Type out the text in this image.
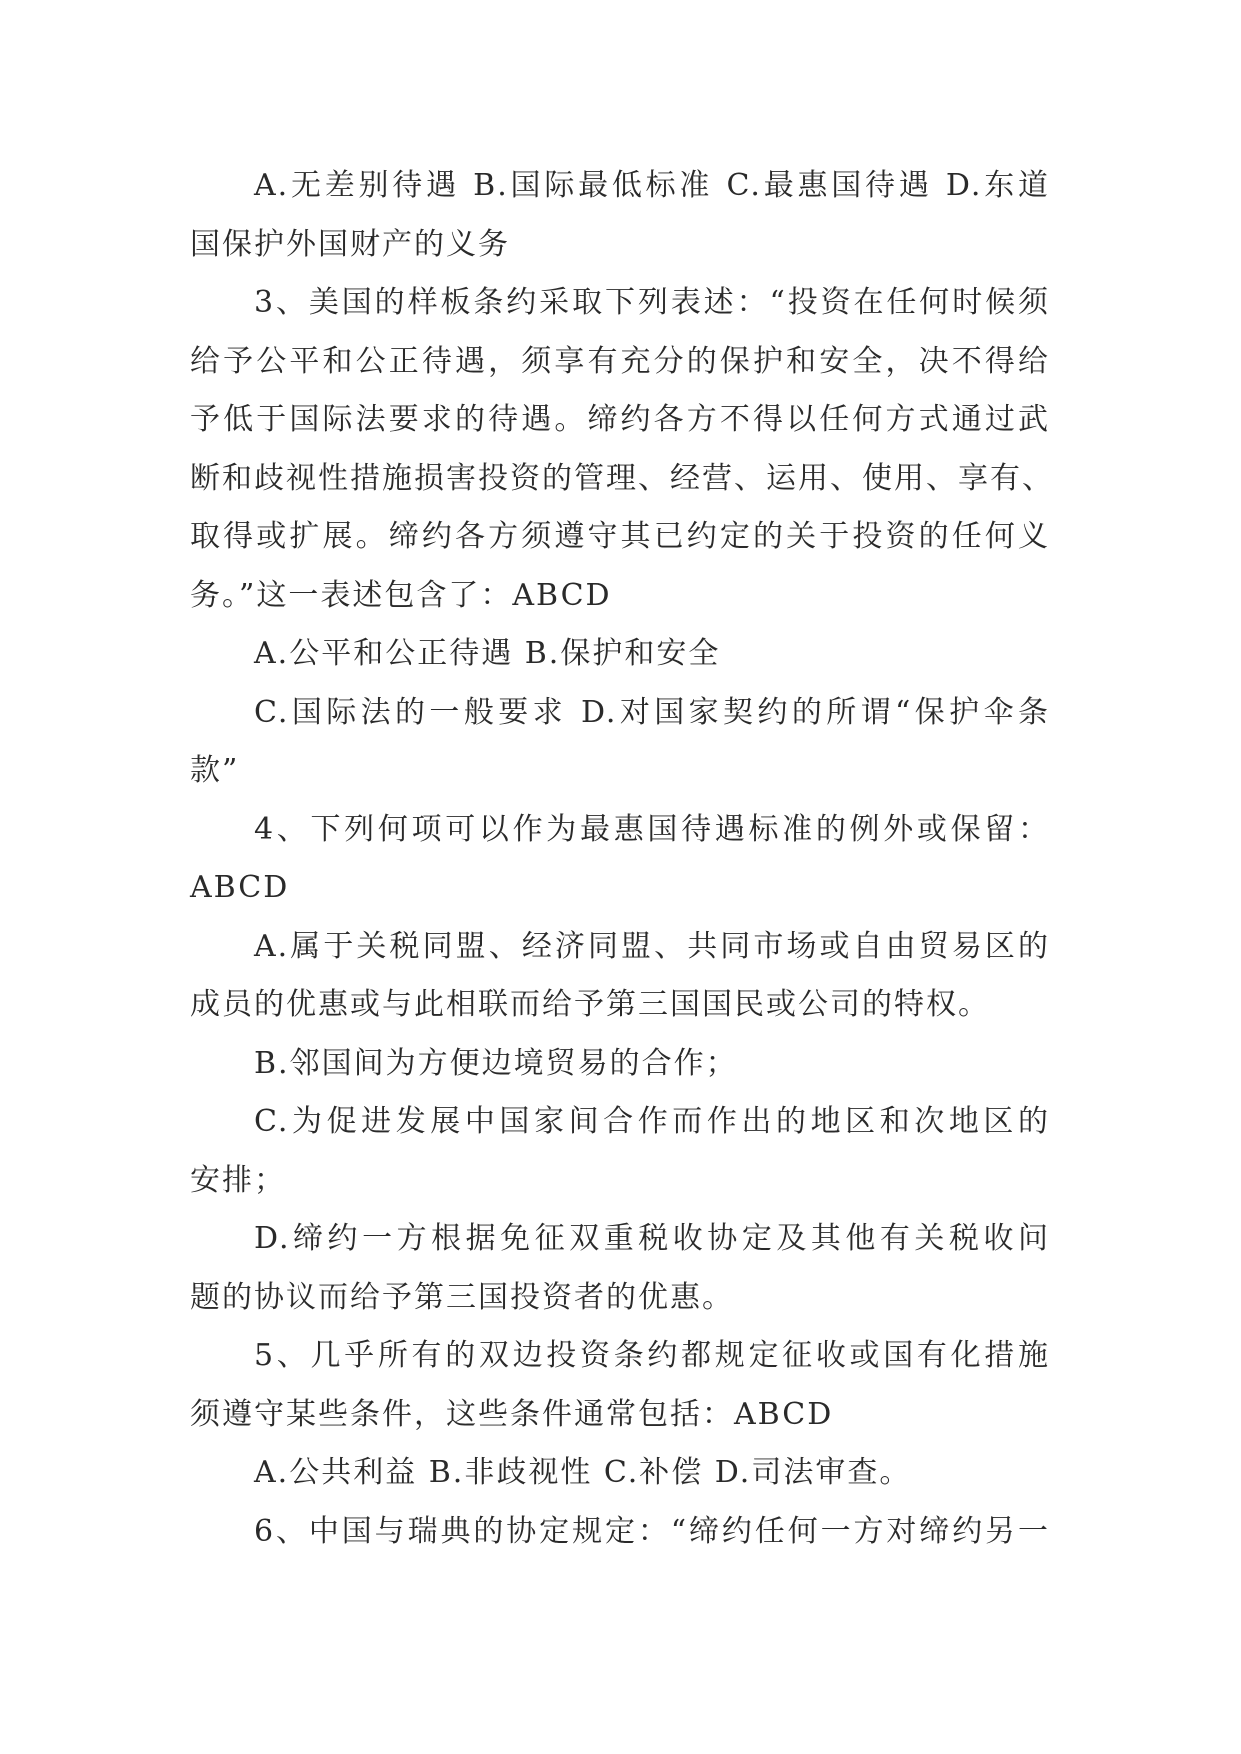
A.无差别待遇 B.国际最低标准 C.最惠国待遇 D.东道
国保护外国财产的义务

3、美国的样板条约采取下列表述：“投资在任何时候须
给予公平和公正待遇，须享有充分的保护和安全，决不得给
予低于国际法要求的待遇。缔约各方不得以任何方式通过武
断和歧视性措施损害投资的管理、经营、运用、使用、享有、
取得或扩展。缔约各方须遵守其已约定的关于投资的任何义
务。”这一表述包含了：ABCD

A.公平和公正待遇 B.保护和安全

C.国际法的一般要求 D.对国家契约的所谓“保护伞条
款”

4、下列何项可以作为最惠国待遇标准的例外或保留：
ABCD

A.属于关税同盟、经济同盟、共同市场或自由贸易区的
成员的优惠或与此相联而给予第三国国民或公司的特权。

B.邻国间为方便边境贸易的合作；

C.为促进发展中国家间合作而作出的地区和次地区的
安排；

D.缔约一方根据免征双重税收协定及其他有关税收问
题的协议而给予第三国投资者的优惠。

5、几乎所有的双边投资条约都规定征收或国有化措施
须遵守某些条件，这些条件通常包括：ABCD

A.公共利益 B.非歧视性 C.补偿 D.司法审查。

6、中国与瑞典的协定规定：“缔约任何一方对缔约另一
